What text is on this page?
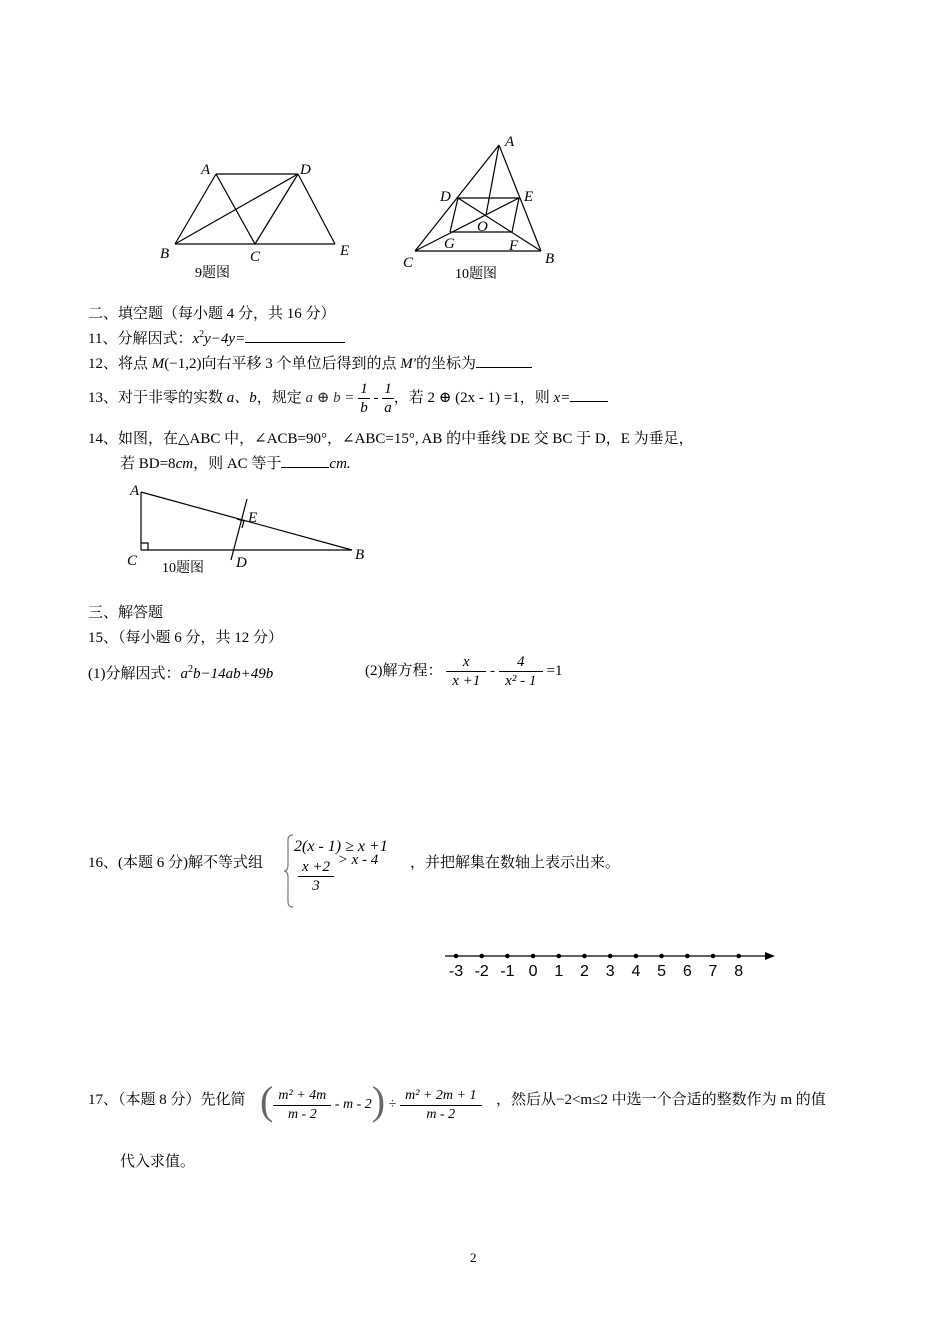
A	D
B	C	E
9题图
A
D	E
O
G	F
C	B
10题图
二、填空题（每小题 4 分，共 16 分）
11、分解因式：$x^2y-4y=$
12、将点 M(−1,2)向右平移 3 个单位后得到的点 M′的坐标为
13、对于非零的实数 a、b，规定 a ⊕ $b = \frac{1}{b} - \frac{1}{a}$ ，若 2 ⊕ (2x - 1) =1，则 x=
14、如图，在△ABC 中，∠ACB=90°，∠ABC=15°, AB 的中垂线 DE 交 BC 于 D，E 为垂足，
若 BD=8cm，则 AC 等于	cm.
A
E
C 10题图 D	B
三、解答题
15、（每小题 6 分，共 12 分）
(1)分解因式：$a^2b-14ab+49b$	(2)解方程： $\frac{x}{x +1} - \frac{4}{\text{x² - 1}} =1$
16、(本题 6 分)解不等式组
2(x - 1) ≥ x +1
$\frac{x +2}{3} > x - 4$ ，并把解集在数轴上表示出来。
-3 -2 -1 0 1 2 3 4 5 6 7 8
17、（本题 8 分）先化简 ( $\frac{\text{m² + 4m}}{m - 2} - m - 2) \div \frac{\text{m² + 2m + 1}}{m - 2}$ ，然后从−2<m≤2 中选一个合适的整数作为 m 的值
代入求值。
2
